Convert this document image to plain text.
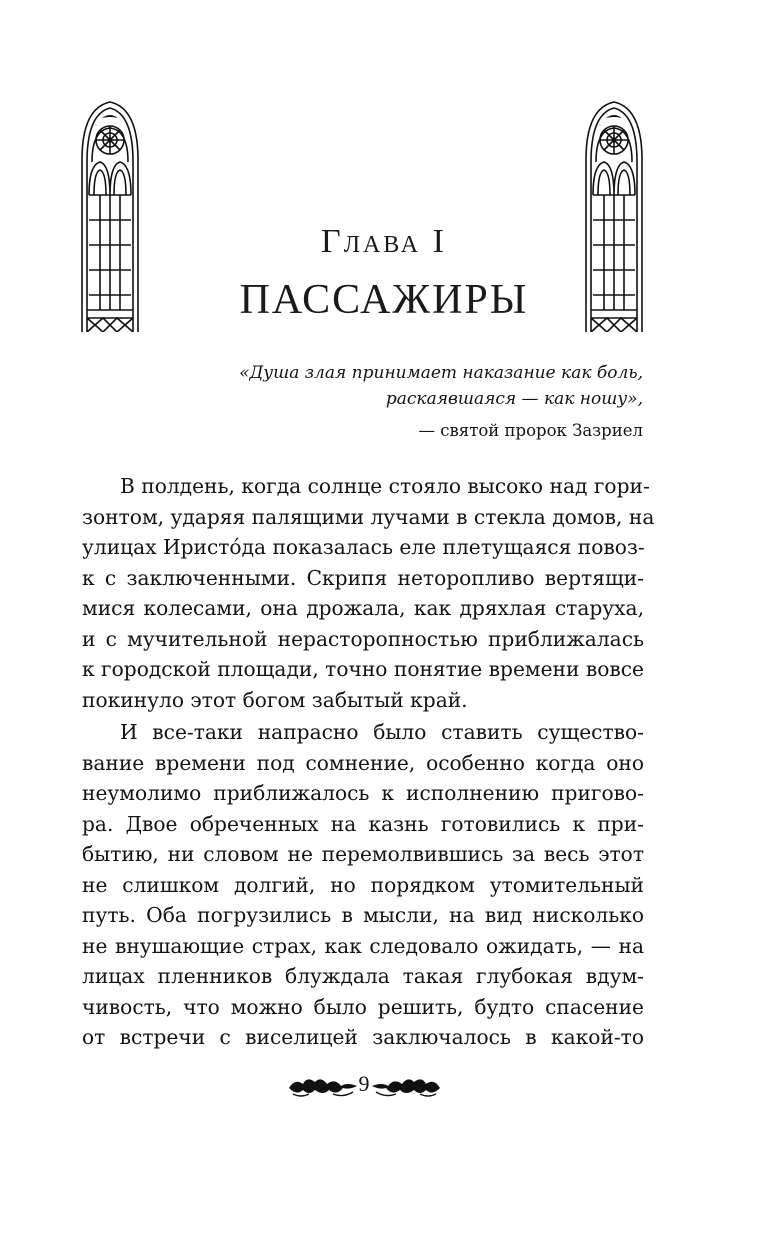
Глава I
ПАССАЖИРЫ
«Душа злая принимает наказание как боль,
раскаявшаяся — как ношу»,
— святой пророк Зазриел

В полдень, когда солнце стояло высоко над гори-
зонтом, ударяя палящими лучами в стекла домов, на
улицах Иристо́да показалась еле плетущаяся повоз-
к с заключенными. Скрипя неторопливо вертящи-
мися колесами, она дрожала, как дряхлая старуха,
и с мучительной нерасторопностью приближалась
к городской площади, точно понятие времени вовсе
покинуло этот богом забытый край.

И все-таки напрасно было ставить существо-
вание времени под сомнение, особенно когда оно
неумолимо приближалось к исполнению пригово-
ра. Двое обреченных на казнь готовились к при-
бытию, ни словом не перемолвившись за весь этот
не слишком долгий, но порядком утомительный
путь. Оба погрузились в мысли, на вид нисколько
не внушающие страх, как следовало ожидать, — на
лицах пленников блуждала такая глубокая вдум-
чивость, что можно было решить, будто спасение
от встречи с виселицей заключалось в какой-то

9
